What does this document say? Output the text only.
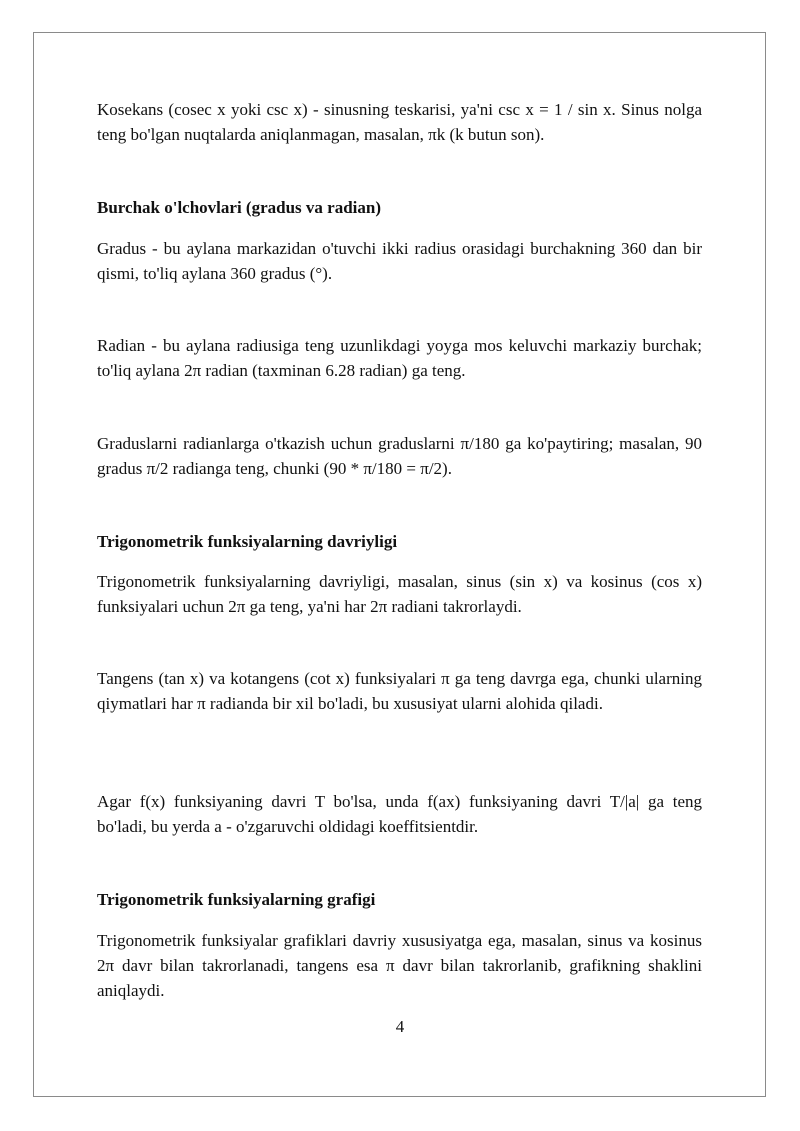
Kosekans (cosec x yoki csc x) - sinusning teskarisi, ya'ni csc x = 1 / sin x. Sinus nolga teng bo'lgan nuqtalarda aniqlanmagan, masalan, πk (k butun son).

Burchak o'lchovlari (gradus va radian)

Gradus - bu aylana markazidan o'tuvchi ikki radius orasidagi burchakning 360 dan bir qismi, to'liq aylana 360 gradus (°).

Radian - bu aylana radiusiga teng uzunlikdagi yoyga mos keluvchi markaziy burchak; to'liq aylana 2π radian (taxminan 6.28 radian) ga teng.

Graduslarni radianlarga o'tkazish uchun graduslarni π/180 ga ko'paytiring; masalan, 90 gradus π/2 radianga teng, chunki (90 * π/180 = π/2).

Trigonometrik funksiyalarning davriyligi

Trigonometrik funksiyalarning davriyligi, masalan, sinus (sin x) va kosinus (cos x) funksiyalari uchun 2π ga teng, ya'ni har 2π radiani takrorlaydi.

Tangens (tan x) va kotangens (cot x) funksiyalari π ga teng davrga ega, chunki ularning qiymatlari har π radianda bir xil bo'ladi, bu xususiyat ularni alohida qiladi.

Agar f(x) funksiyaning davri T bo'lsa, unda f(ax) funksiyaning davri T/|a| ga teng bo'ladi, bu yerda a - o'zgaruvchi oldidagi koeffitsientdir.

Trigonometrik funksiyalarning grafigi

Trigonometrik funksiyalar grafiklari davriy xususiyatga ega, masalan, sinus va kosinus 2π davr bilan takrorlanadi, tangens esa π davr bilan takrorlanib, grafikning shaklini aniqlaydi.

4
